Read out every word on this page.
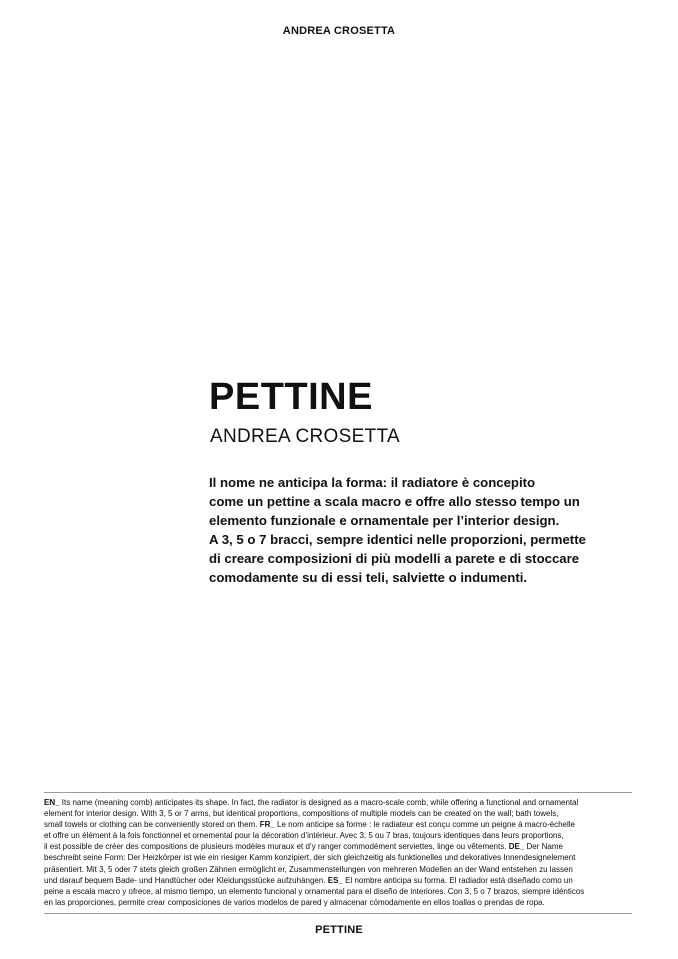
ANDREA CROSETTA
PETTINE
ANDREA CROSETTA
Il nome ne anticipa la forma: il radiatore è concepito
come un pettine a scala macro e offre allo stesso tempo un
elemento funzionale e ornamentale per l’interior design.
A 3, 5 o 7 bracci, sempre identici nelle proporzioni, permette
di creare composizioni di più modelli a parete e di stoccare
comodamente su di essi teli, salviette o indumenti.
EN_ Its name (meaning comb) anticipates its shape. In fact, the radiator is designed as a macro-scale comb, while offering a functional and ornamental
element for interior design. With 3, 5 or 7 arms, but identical proportions, compositions of multiple models can be created on the wall; bath towels,
small towels or clothing can be conveniently stored on them. FR_ Le nom anticipe sa forme : le radiateur est conçu comme un peigne à macro-échelle
et offre un élément à la fois fonctionnel et ornemental pour la décoration d’intérieur. Avec 3, 5 ou 7 bras, toujours identiques dans leurs proportions,
il est possible de créer des compositions de plusieurs modèles muraux et d’y ranger commodément serviettes, linge ou vêtements. DE_ Der Name
beschreibt seine Form: Der Heizkörper ist wie ein riesiger Kamm konzipiert, der sich gleichzeitig als funktionelles und dekoratives Innendesignelement
präsentiert. Mit 3, 5 oder 7 stets gleich großen Zähnen ermöglicht er, Zusammenstellungen von mehreren Modellen an der Wand entstehen zu lassen
und darauf bequem Bade- und Handtücher oder Kleidungsstücke aufzuhängen. ES_ El nombre anticipa su forma. El radiador está diseñado como un
peine a escala macro y ofrece, al mismo tiempo, un elemento funcional y ornamental para el diseño de interiores. Con 3, 5 o 7 brazos, siempre idénticos
en las proporciones, permite crear composiciones de varios modelos de pared y almacenar cómodamente en ellos toallas o prendas de ropa.
PETTINE
